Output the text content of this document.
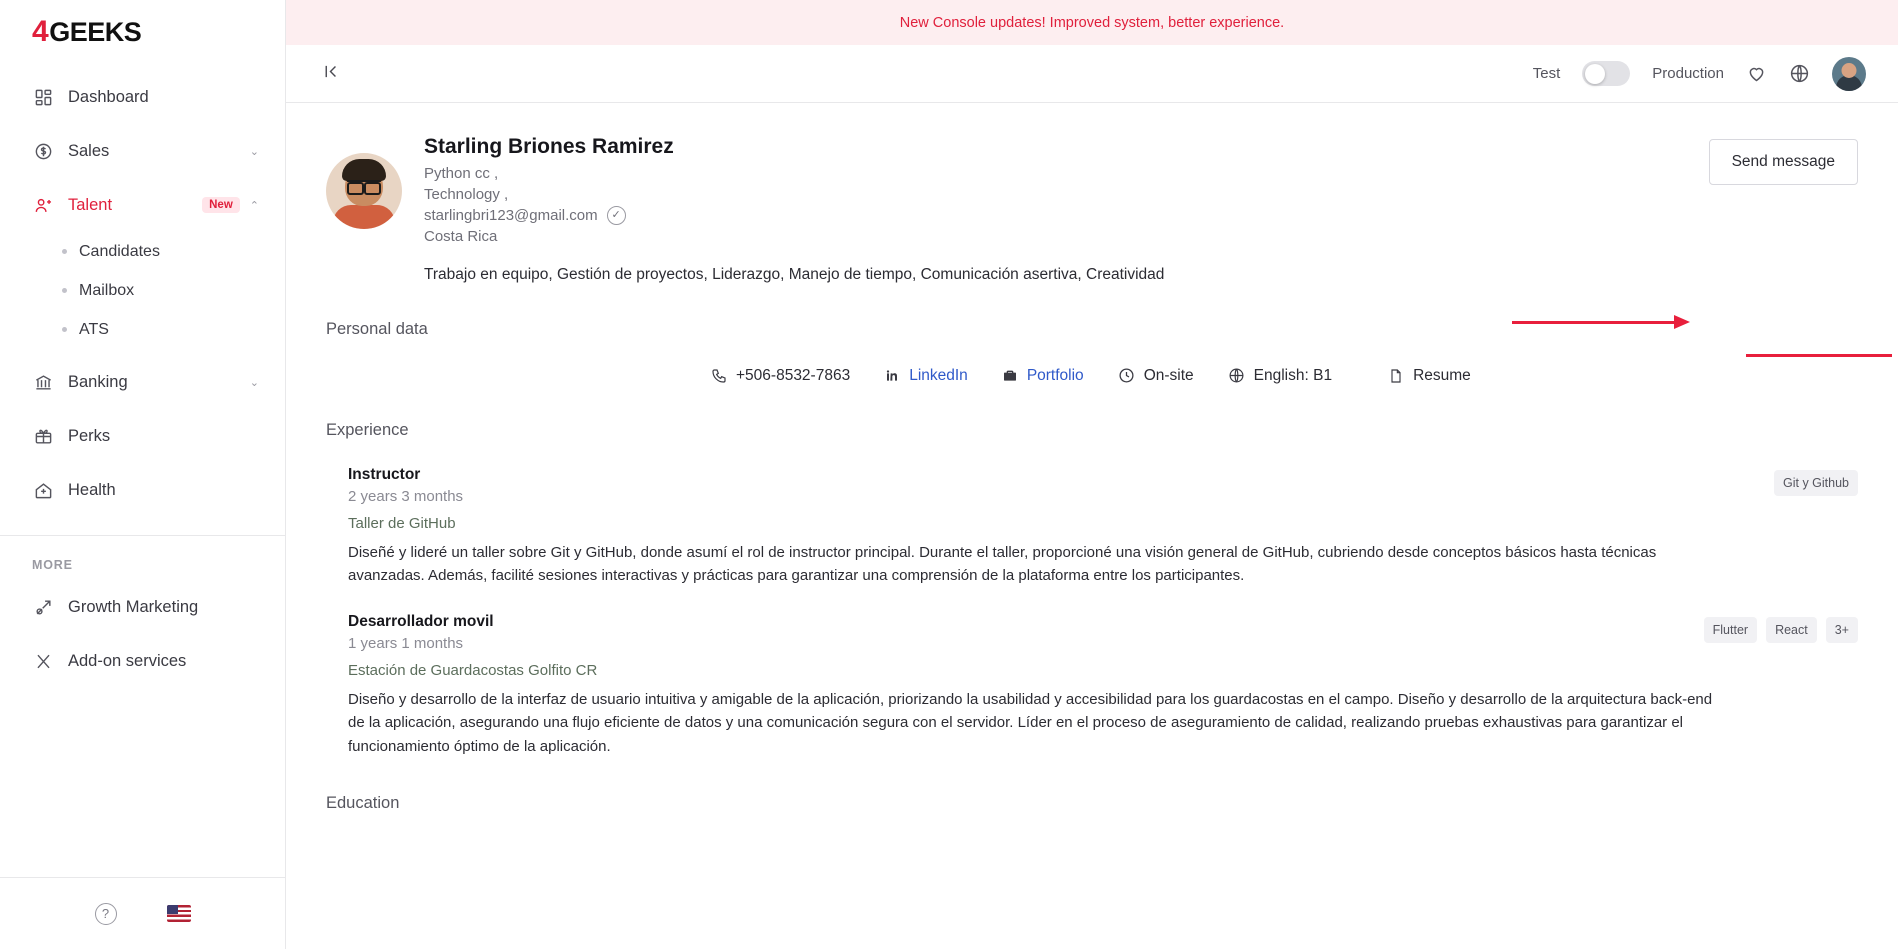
4 GEEKS
Dashboard
Sales	⌄
Talent	New	⌃
Candidates
Mailbox
ATS
Banking	⌄
Perks
Health
MORE
Growth Marketing
Add-on services
?
New Console updates! Improved system, better experience.
Test	Production
Starling Briones Ramirez
Python cc ,
Technology ,
starlingbri123@gmail.com	✓
Costa Rica
Trabajo en equipo, Gestión de proyectos, Liderazgo, Manejo de tiempo, Comunicación asertiva, Creatividad
Send message
Personal data
+506-8532-7863	LinkedIn	Portfolio	On-site	English: B1	Resume
Experience
Instructor
2 years 3 months
Taller de GitHub
Diseñé y lideré un taller sobre Git y GitHub, donde asumí el rol de instructor principal. Durante el taller, proporcioné una visión general de GitHub, cubriendo desde conceptos básicos hasta técnicas avanzadas. Además, facilité sesiones interactivas y prácticas para garantizar una comprensión de la plataforma entre los participantes.
Git y Github
Desarrollador movil
1 years 1 months
Estación de Guardacostas Golfito CR
Diseño y desarrollo de la interfaz de usuario intuitiva y amigable de la aplicación, priorizando la usabilidad y accesibilidad para los guardacostas en el campo. Diseño y desarrollo de la arquitectura back-end de la aplicación, asegurando una flujo eficiente de datos y una comunicación segura con el servidor. Líder en el proceso de aseguramiento de calidad, realizando pruebas exhaustivas para garantizar el funcionamiento óptimo de la aplicación.
Flutter	React	3+
Education
